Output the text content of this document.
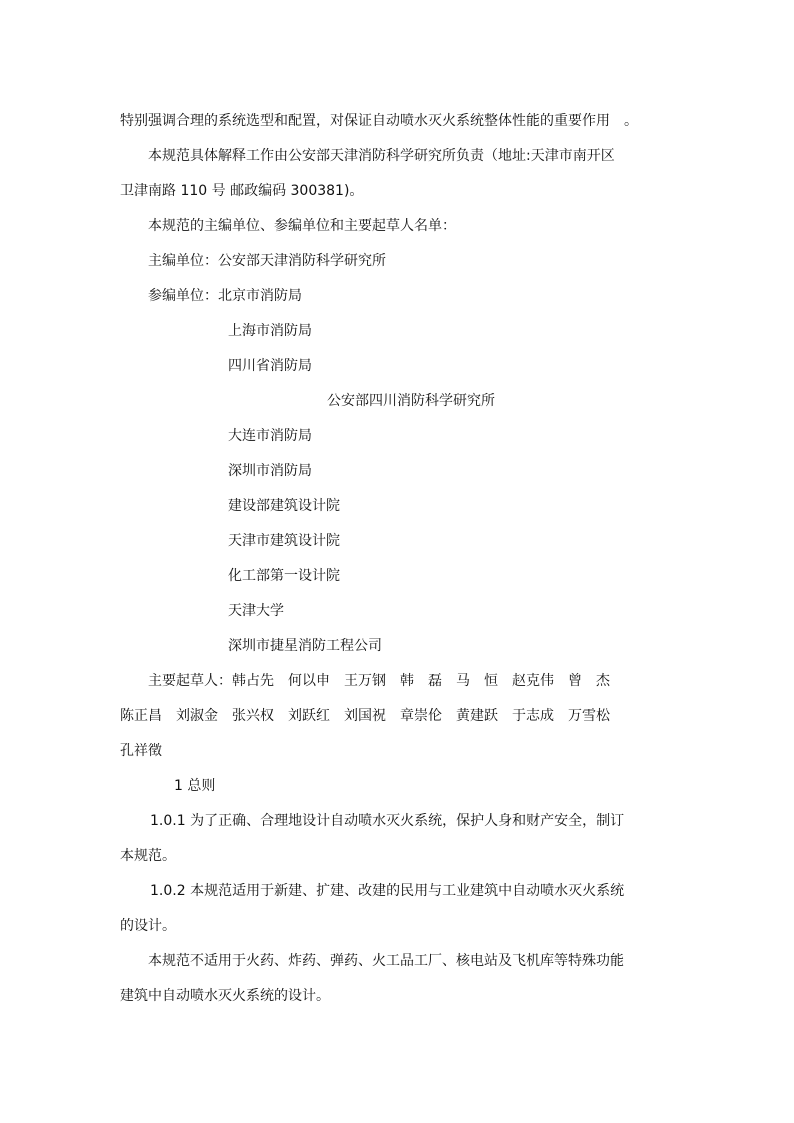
特别强调合理的系统选型和配置，对保证自动喷水灭火系统整体性能的重要作用　。
本规范具体解释工作由公安部天津消防科学研究所负责（地址:天津市南开区
卫津南路 110 号 邮政编码 300381)。
本规范的主编单位、参编单位和主要起草人名单：
主编单位：公安部天津消防科学研究所
参编单位：北京市消防局
上海市消防局
四川省消防局
公安部四川消防科学研究所
大连市消防局
深圳市消防局
建设部建筑设计院
天津市建筑设计院
化工部第一设计院
天津大学
深圳市捷星消防工程公司
主要起草人：韩占先　何以申　王万钢　韩　磊　马　恒　赵克伟　曾　杰
陈正昌　刘淑金　张兴权　刘跃红　刘国祝　章崇伦　黄建跃　于志成　万雪松
孔祥徵
1 总则
1.0.1 为了正确、合理地设计自动喷水灭火系统，保护人身和财产安全，制订
本规范。
1.0.2 本规范适用于新建、扩建、改建的民用与工业建筑中自动喷水灭火系统
的设计。
本规范不适用于火药、炸药、弹药、火工品工厂、核电站及飞机库等特殊功能
建筑中自动喷水灭火系统的设计。
